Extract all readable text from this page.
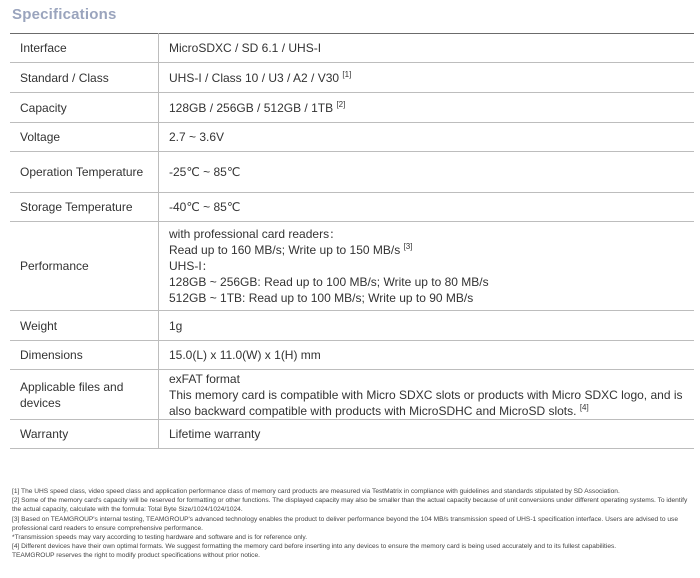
Specifications
Interface	MicroSDXC / SD 6.1 / UHS-I

Standard / Class	UHS-I / Class 10 / U3 / A2 / V30 [1]

Capacity	128GB / 256GB / 512GB / 1TB [2]

Voltage	2.7 ~ 3.6V

Operation Temperature	-25℃ ~ 85℃

Storage Temperature	-40℃ ~ 85℃

Performance	with professional card readers：
Read up to 160 MB/s; Write up to 150 MB/s [3]
UHS-I：
128GB ~ 256GB: Read up to 100 MB/s; Write up to 80 MB/s
512GB ~ 1TB: Read up to 100 MB/s; Write up to 90 MB/s

Weight	1g

Dimensions	15.0(L) x 11.0(W) x 1(H) mm

Applicable files and devices	exFAT format
This memory card is compatible with Micro SDXC slots or products with Micro SDXC logo, and is also backward compatible with products with MicroSDHC and MicroSD slots. [4]

Warranty	Lifetime warranty

[1] The UHS speed class, video speed class and application performance class of memory card products are measured via TestMatrix in compliance with guidelines and standards stipulated by SD Association.

[2] Some of the memory card's capacity will be reserved for formatting or other functions. The displayed capacity may also be smaller than the actual capacity because of unit conversions under different operating systems. To identify the actual capacity, calculate with the formula: Total Byte Size/1024/1024/1024.

[3] Based on TEAMGROUP's internal testing, TEAMGROUP's advanced technology enables the product to deliver performance beyond the 104 MB/s transmission speed of UHS-1 specification interface. Users are advised to use professional card readers to ensure comprehensive performance.

*Transmission speeds may vary according to testing hardware and software and is for reference only.

[4] Different devices have their own optimal formats. We suggest formatting the memory card before inserting into any devices to ensure the memory card is being used accurately and to its fullest capabilities.

TEAMGROUP reserves the right to modify product specifications without prior notice.
